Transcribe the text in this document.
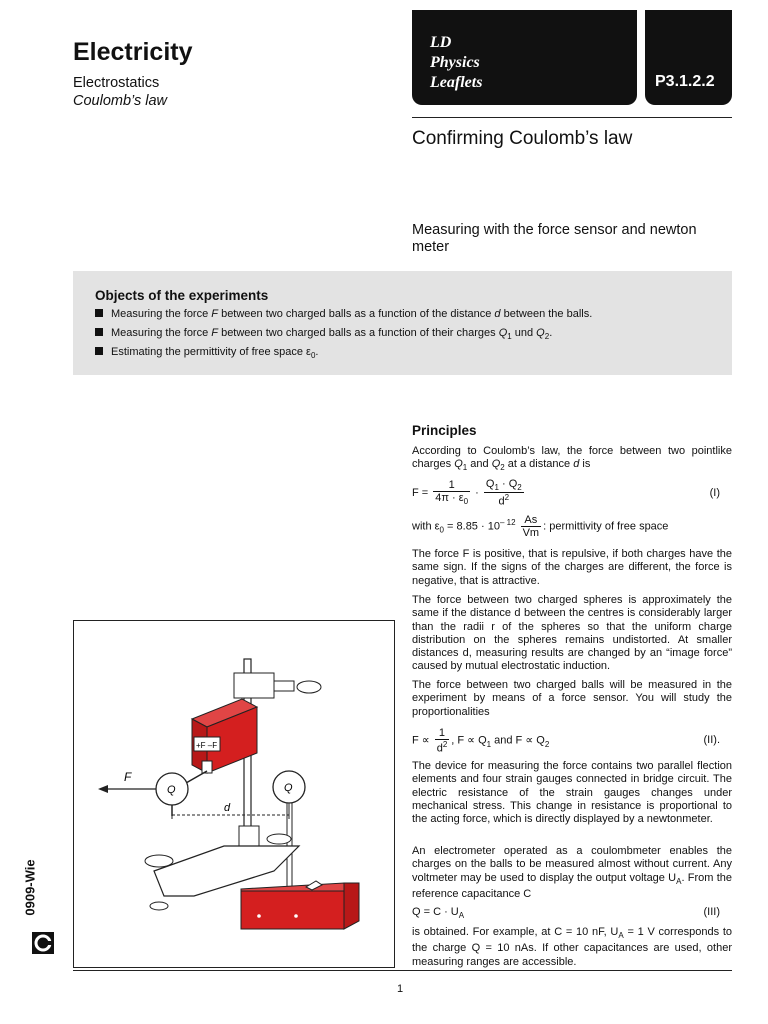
Electricity
Electrostatics
Coulomb’s law
LD
Physics
Leaflets	P3.1.2.2
Confirming Coulomb’s law
Measuring with the force sensor and newton meter
Objects of the experiments
Measuring the force F between two charged balls as a function of the distance d between the balls.
Measuring the force F between two charged balls as a function of their charges $Q_1$ und $Q_2$.
Estimating the permittivity of free space $\varepsilon_0$.
Principles
According to Coulomb’s law, the force between two pointlike charges $Q_1$ and $Q_2$ at a distance d is
$F = \frac{1}{4\pi \cdot \varepsilon_0} \cdot \frac{Q_1 \cdot Q_2}{d^2}$	(I)
with $\varepsilon_0 = 8.85 \cdot 10^{- 12} \frac{As}{Vm}$ : permittivity of free space
The force F is positive, that is repulsive, if both charges have the same sign. If the signs of the charges are different, the force is negative, that is attractive.
The force between two charged spheres is approximately the same if the distance d between the centres is considerably larger than the radii r of the spheres so that the uniform charge distribution on the spheres remains undistorted. At smaller distances d, measuring results are changed by an “image force” caused by mutual electrostatic induction.
The force between two charged balls will be measured in the experiment by means of a force sensor. You will study the proportionalities
$F \propto \frac{1}{d^2}$ , $F \propto Q_1$ and $F \propto Q_2$	(II).
The device for measuring the force contains two parallel flection elements and four strain gauges connected in bridge circuit. The electric resistance of the strain gauges changes under mechanical stress. This change in resistance is proportional to the acting force, which is directly displayed by a newtonmeter.
An electrometer operated as a coulombmeter enables the charges on the balls to be measured almost without current. Any voltmeter may be used to display the output voltage $U_A$. From the reference capacitance C
$Q = C \cdot U_A$	(III)
is obtained. For example, at C = 10 nF, $U_A = 1$ V corresponds to the charge Q = 10 nAs. If other capacitances are used, other measuring ranges are accessible.
+F –F
Q	Q
F
d
0909-Wie
1
